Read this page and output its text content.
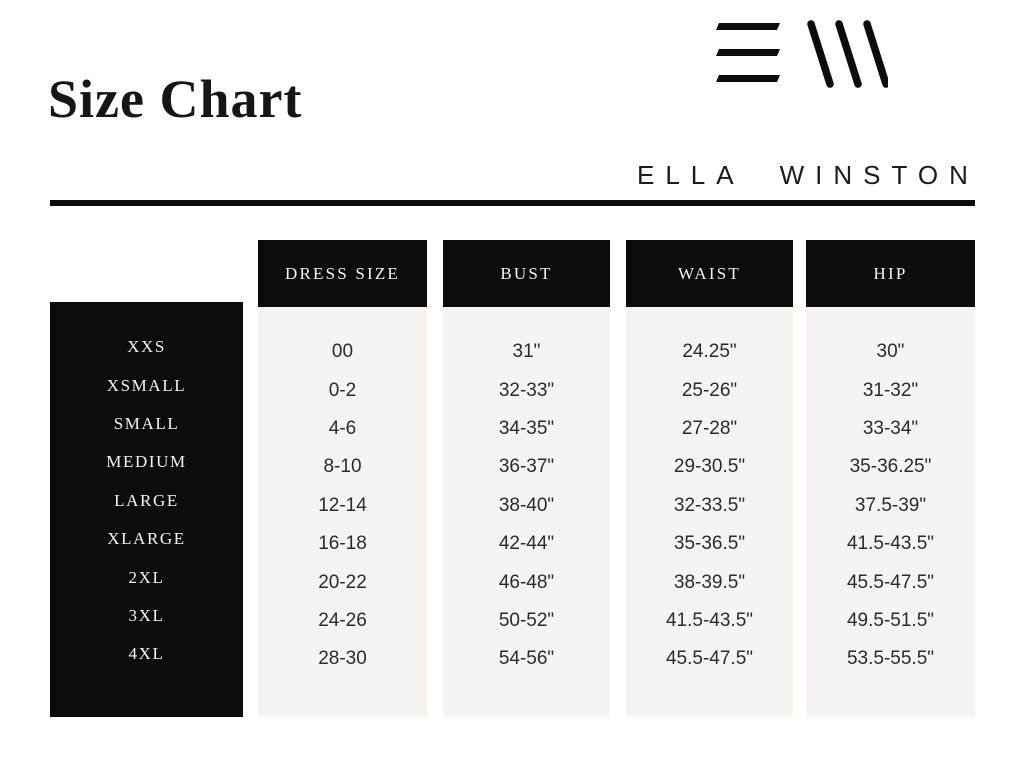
Size Chart
ELLA  WINSTON
XXS
XSMALL
SMALL
MEDIUM
LARGE
XLARGE
2XL
3XL
4XL
DRESS SIZE
00
0-2
4-6
8-10
12-14
16-18
20-22
24-26
28-30
BUST
31"
32-33"
34-35"
36-37"
38-40"
42-44"
46-48"
50-52"
54-56"
WAIST
24.25"
25-26"
27-28"
29-30.5"
32-33.5"
35-36.5"
38-39.5"
41.5-43.5"
45.5-47.5"
HIP
30"
31-32"
33-34"
35-36.25"
37.5-39"
41.5-43.5"
45.5-47.5"
49.5-51.5"
53.5-55.5"
